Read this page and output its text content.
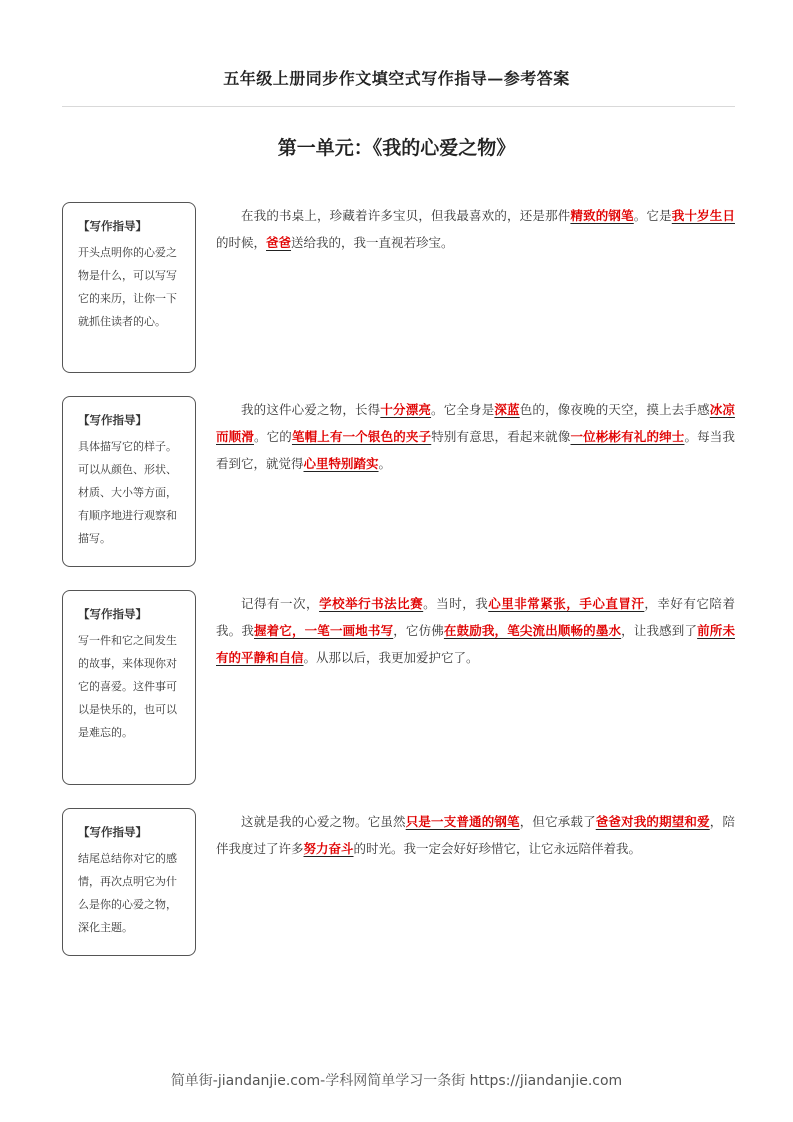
五年级上册同步作文填空式写作指导—参考答案
第一单元：《我的心爱之物》
【写作指导】
开头点明你的心爱之物是什么，可以写写它的来历，让你一下就抓住读者的心。
在我的书桌上，珍藏着许多宝贝，但我最喜欢的，还是那件精致的钢笔。它是我十岁生日的时候，爸爸送给我的，我一直视若珍宝。
【写作指导】
具体描写它的样子。可以从颜色、形状、材质、大小等方面，有顺序地进行观察和描写。
我的这件心爱之物，长得十分漂亮。它全身是深蓝色的，像夜晚的天空，摸上去手感冰凉而顺滑。它的笔帽上有一个银色的夹子特别有意思，看起来就像一位彬彬有礼的绅士。每当我看到它，就觉得心里特别踏实。
【写作指导】
写一件和它之间发生的故事，来体现你对它的喜爱。这件事可以是快乐的，也可以是难忘的。
记得有一次，学校举行书法比赛。当时，我心里非常紧张，手心直冒汗，幸好有它陪着我。我握着它，一笔一画地书写，它仿佛在鼓励我，笔尖流出顺畅的墨水，让我感到了前所未有的平静和自信。从那以后，我更加爱护它了。
【写作指导】
结尾总结你对它的感情，再次点明它为什么是你的心爱之物，深化主题。
这就是我的心爱之物。它虽然只是一支普通的钢笔，但它承载了爸爸对我的期望和爱，陪伴我度过了许多努力奋斗的时光。我一定会好好珍惜它，让它永远陪伴着我。
简单街-jiandanjie.com-学科网简单学习一条街 https://jiandanjie.com
